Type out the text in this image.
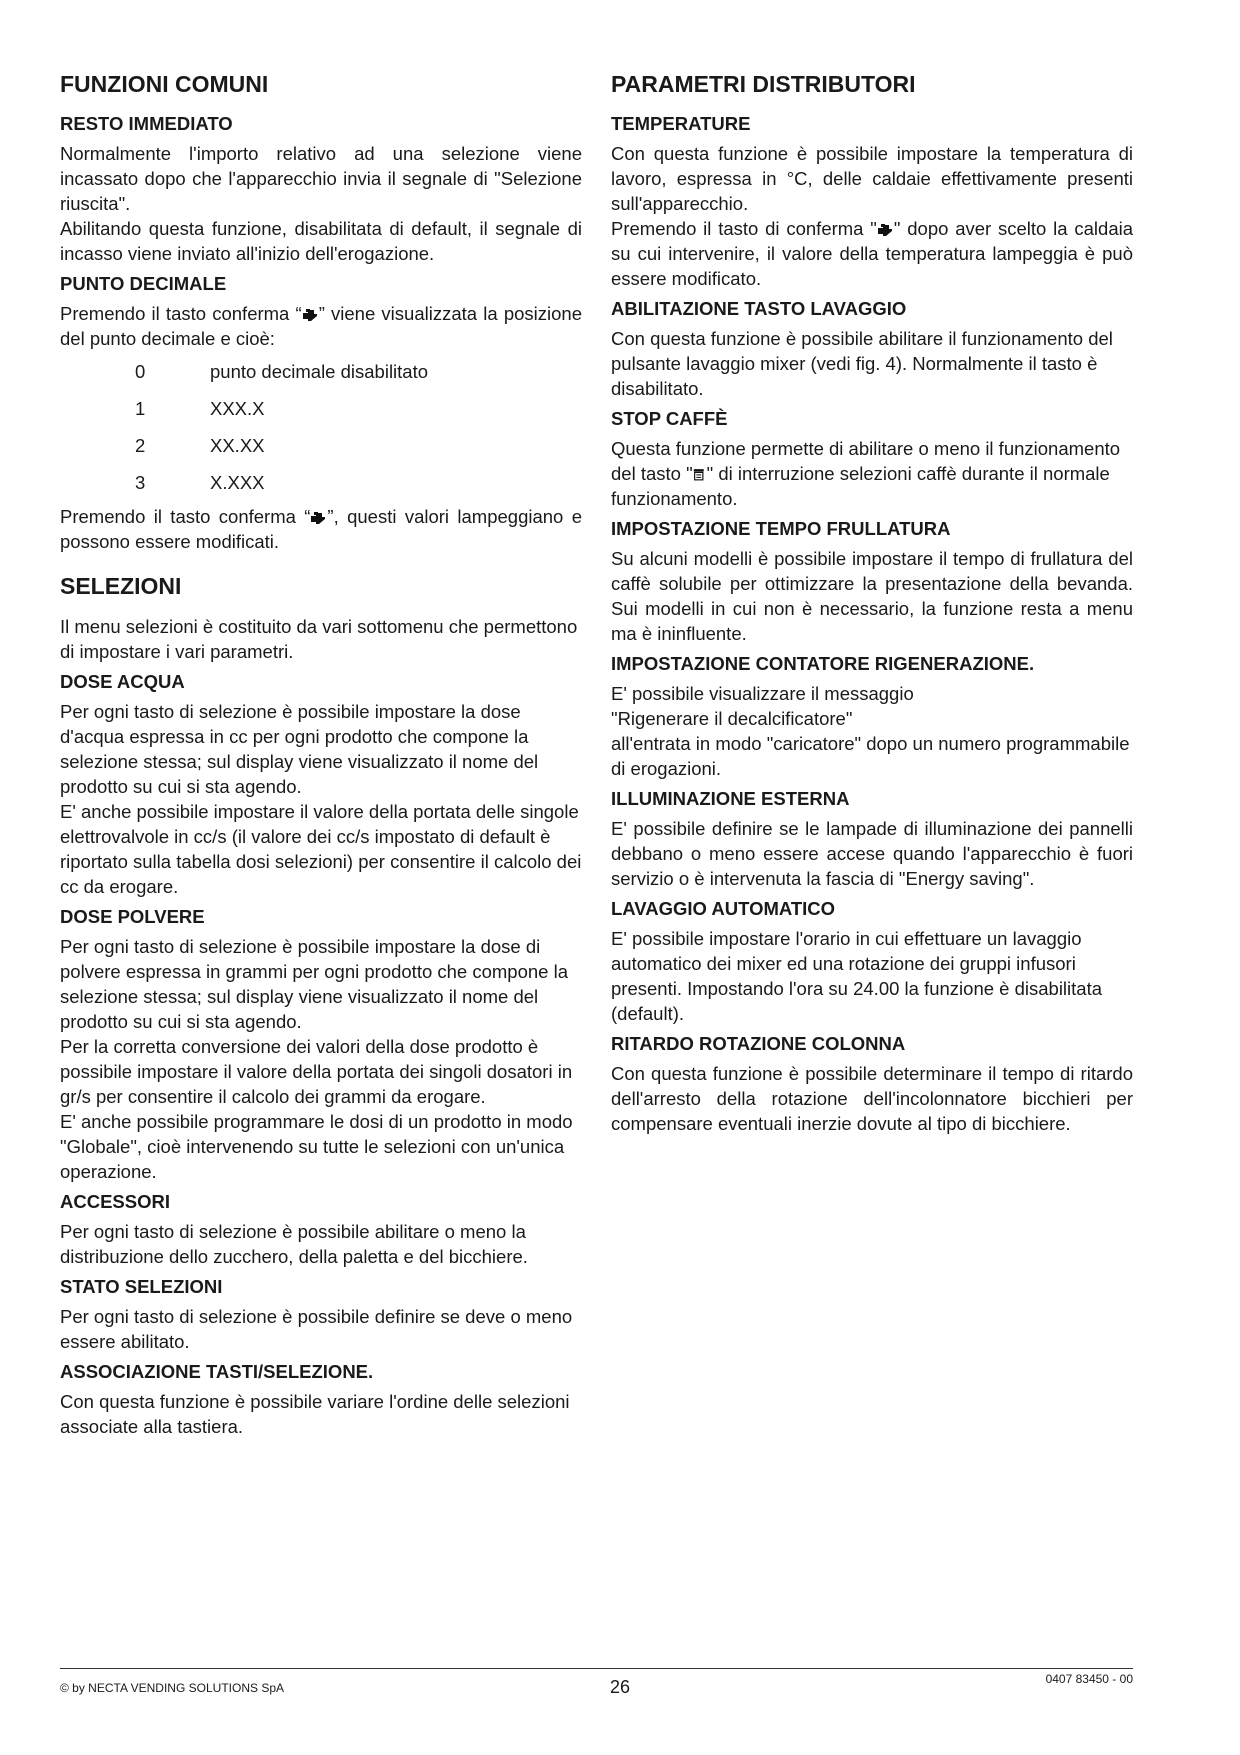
FUNZIONI COMUNI
RESTO IMMEDIATO

Normalmente l'importo relativo ad una selezione viene incassato dopo che l'apparecchio invia il segnale di "Selezione riuscita".

Abilitando questa funzione, disabilitata di default, il segnale di incasso viene inviato all'inizio dell'erogazione.

PUNTO DECIMALE

Premendo il tasto conferma “ ” viene visualizzata la posizione del punto decimale e cioè:

0	punto decimale disabilitato
1	XXX.X
2	XX.XX
3	X.XXX

Premendo il tasto conferma “ ”, questi valori lampeggiano e possono essere modificati.

SELEZIONI

Il menu selezioni è costituito da vari sottomenu che permettono di impostare i vari parametri.

DOSE ACQUA

Per ogni tasto di selezione è possibile impostare la dose d'acqua espressa in cc per ogni prodotto che compone la selezione stessa; sul display viene visualizzato il nome del prodotto su cui si sta agendo.

E' anche possibile impostare il valore della portata delle singole elettrovalvole in cc/s (il valore dei cc/s impostato di default è riportato sulla tabella dosi selezioni) per consentire il calcolo dei cc da erogare.

DOSE POLVERE

Per ogni tasto di selezione è possibile impostare la dose di polvere espressa in grammi per ogni prodotto che compone la selezione stessa; sul display viene visualizzato il nome del prodotto su cui si sta agendo.

Per la corretta conversione dei valori della dose prodotto è possibile impostare il valore della portata dei singoli dosatori in gr/s per consentire il calcolo dei grammi da erogare.

E' anche possibile programmare le dosi di un prodotto in modo "Globale", cioè intervenendo su tutte le selezioni con un'unica operazione.

ACCESSORI

Per ogni tasto di selezione è possibile abilitare o meno la distribuzione dello zucchero, della paletta e del bicchiere.

STATO SELEZIONI

Per ogni tasto di selezione è possibile definire se deve o meno essere abilitato.

ASSOCIAZIONE TASTI/SELEZIONE.

Con questa funzione è possibile variare l'ordine delle selezioni associate alla tastiera.

PARAMETRI DISTRIBUTORI
TEMPERATURE

Con questa funzione è possibile impostare la temperatura di lavoro, espressa in °C, delle caldaie effettivamente presenti sull'apparecchio.

Premendo il tasto di conferma " " dopo aver scelto la caldaia su cui intervenire, il valore della temperatura lampeggia è può essere modificato.

ABILITAZIONE TASTO LAVAGGIO

Con questa funzione è possibile abilitare il funzionamento del pulsante lavaggio mixer (vedi fig. 4). Normalmente il tasto è disabilitato.

STOP CAFFÈ

Questa funzione permette di abilitare o meno il funzionamento del tasto " " di interruzione selezioni caffè durante il normale funzionamento.

IMPOSTAZIONE TEMPO FRULLATURA

Su alcuni modelli è possibile impostare il tempo di frullatura del caffè solubile per ottimizzare la presentazione della bevanda. Sui modelli in cui non è necessario, la funzione resta a menu ma è ininfluente.

IMPOSTAZIONE CONTATORE RIGENERAZIONE.

E' possibile visualizzare il messaggio

"Rigenerare il decalcificatore"

all'entrata in modo "caricatore" dopo un numero programmabile di erogazioni.

ILLUMINAZIONE ESTERNA

E' possibile definire se le lampade di illuminazione dei pannelli debbano o meno essere accese quando l'apparecchio è fuori servizio o è intervenuta la fascia di "Energy saving".

LAVAGGIO AUTOMATICO

E' possibile impostare l'orario in cui effettuare un lavaggio automatico dei mixer ed una rotazione dei gruppi infusori presenti. Impostando l'ora su 24.00 la funzione è disabilitata (default).

RITARDO ROTAZIONE COLONNA

Con questa funzione è possibile determinare il tempo di ritardo dell'arresto della rotazione dell'incolonnatore bicchieri per compensare eventuali inerzie dovute al tipo di bicchiere.

© by NECTA VENDING SOLUTIONS SpA	26	0407 83450 - 00
